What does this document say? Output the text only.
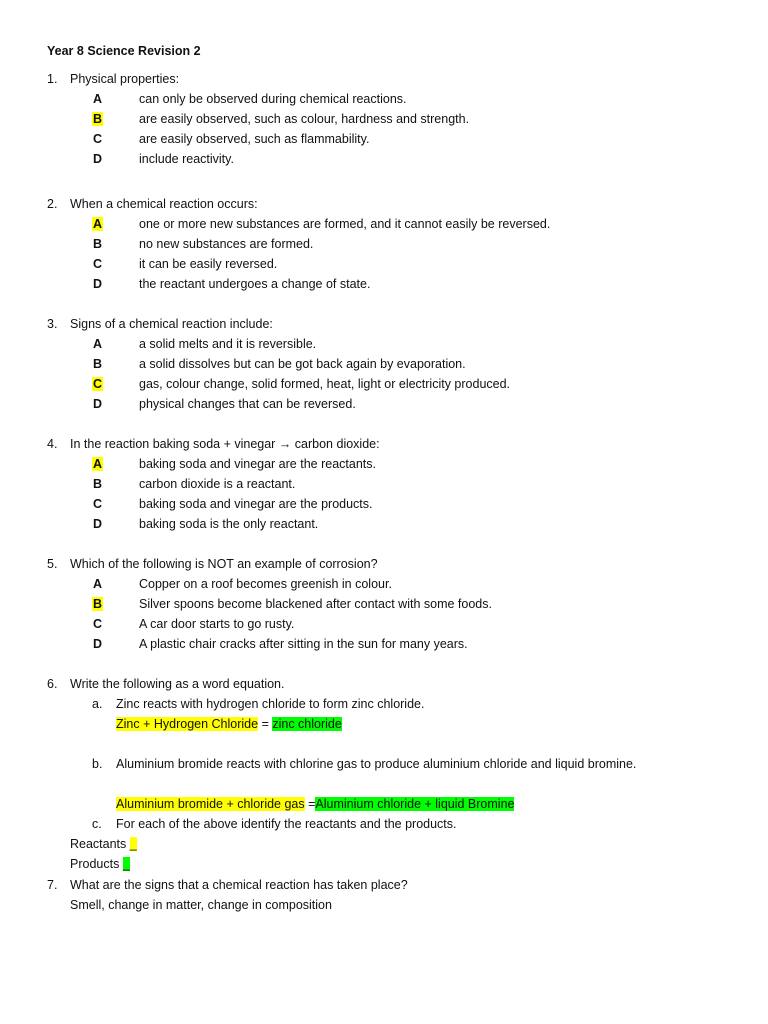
Year 8 Science Revision 2
1. Physical properties:
A	can only be observed during chemical reactions.
B	are easily observed, such as colour, hardness and strength.
C	are easily observed, such as flammability.
D	include reactivity.
2. When a chemical reaction occurs:
A	one or more new substances are formed, and it cannot easily be reversed.
B	no new substances are formed.
C	it can be easily reversed.
D	the reactant undergoes a change of state.
3. Signs of a chemical reaction include:
A	a solid melts and it is reversible.
B	a solid dissolves but can be got back again by evaporation.
C	gas, colour change, solid formed, heat, light or electricity produced.
D	physical changes that can be reversed.
4. In the reaction baking soda + vinegar → carbon dioxide:
A	baking soda and vinegar are the reactants.
B	carbon dioxide is a reactant.
C	baking soda and vinegar are the products.
D	baking soda is the only reactant.
5. Which of the following is NOT an example of corrosion?
A	Copper on a roof becomes greenish in colour.
B	Silver spoons become blackened after contact with some foods.
C	A car door starts to go rusty.
D	A plastic chair cracks after sitting in the sun for many years.
6. Write the following as a word equation.
a. Zinc reacts with hydrogen chloride to form zinc chloride.
Zinc + Hydrogen Chloride = zinc chloride
b. Aluminium bromide reacts with chlorine gas to produce aluminium chloride and liquid bromine.
Aluminium bromide + chloride gas =Aluminium chloride + liquid Bromine
c. For each of the above identify the reactants and the products.
Reactants _
Products _
7. What are the signs that a chemical reaction has taken place?
Smell, change in matter, change in composition
